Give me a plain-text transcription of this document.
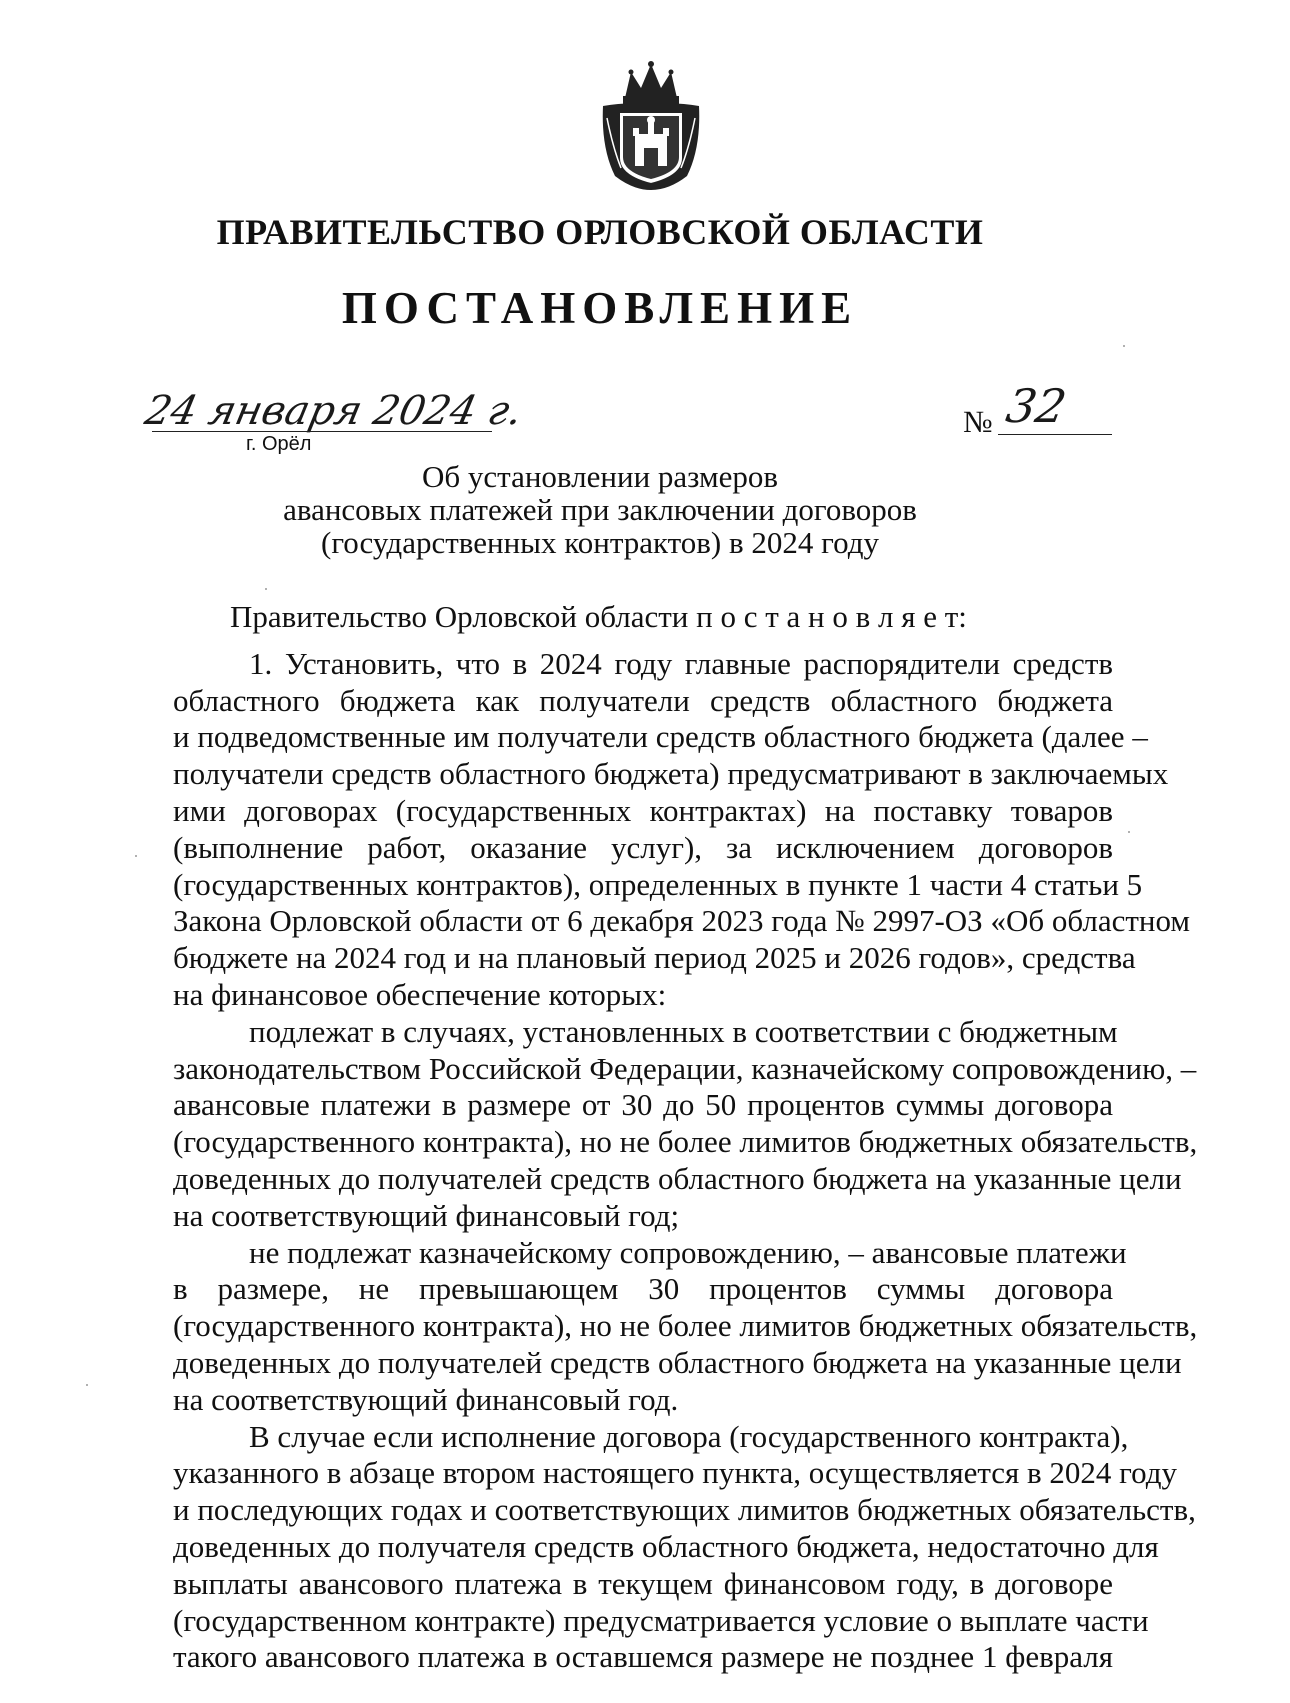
ПРАВИТЕЛЬСТВО ОРЛОВСКОЙ ОБЛАСТИ
ПОСТАНОВЛЕНИЕ
24 января 2024 г.
г. Орёл
№ 32
Об установлении размеров
авансовых платежей при заключении договоров
(государственных контрактов) в 2024 году
Правительство Орловской области п о с т а н о в л я е т:
1. Установить, что в 2024 году главные распорядители средств
областного бюджета как получатели средств областного бюджета
и подведомственные им получатели средств областного бюджета (далее –
получатели средств областного бюджета) предусматривают в заключаемых
ими договорах (государственных контрактах) на поставку товаров
(выполнение работ, оказание услуг), за исключением договоров
(государственных контрактов), определенных в пункте 1 части 4 статьи 5
Закона Орловской области от 6 декабря 2023 года № 2997-ОЗ «Об областном
бюджете на 2024 год и на плановый период 2025 и 2026 годов», средства
на финансовое обеспечение которых:
подлежат в случаях, установленных в соответствии с бюджетным
законодательством Российской Федерации, казначейскому сопровождению, –
авансовые платежи в размере от 30 до 50 процентов суммы договора
(государственного контракта), но не более лимитов бюджетных обязательств,
доведенных до получателей средств областного бюджета на указанные цели
на соответствующий финансовый год;
не подлежат казначейскому сопровождению, – авансовые платежи
в размере, не превышающем 30 процентов суммы договора
(государственного контракта), но не более лимитов бюджетных обязательств,
доведенных до получателей средств областного бюджета на указанные цели
на соответствующий финансовый год.
В случае если исполнение договора (государственного контракта),
указанного в абзаце втором настоящего пункта, осуществляется в 2024 году
и последующих годах и соответствующих лимитов бюджетных обязательств,
доведенных до получателя средств областного бюджета, недостаточно для
выплаты авансового платежа в текущем финансовом году, в договоре
(государственном контракте) предусматривается условие о выплате части
такого авансового платежа в оставшемся размере не позднее 1 февраля
